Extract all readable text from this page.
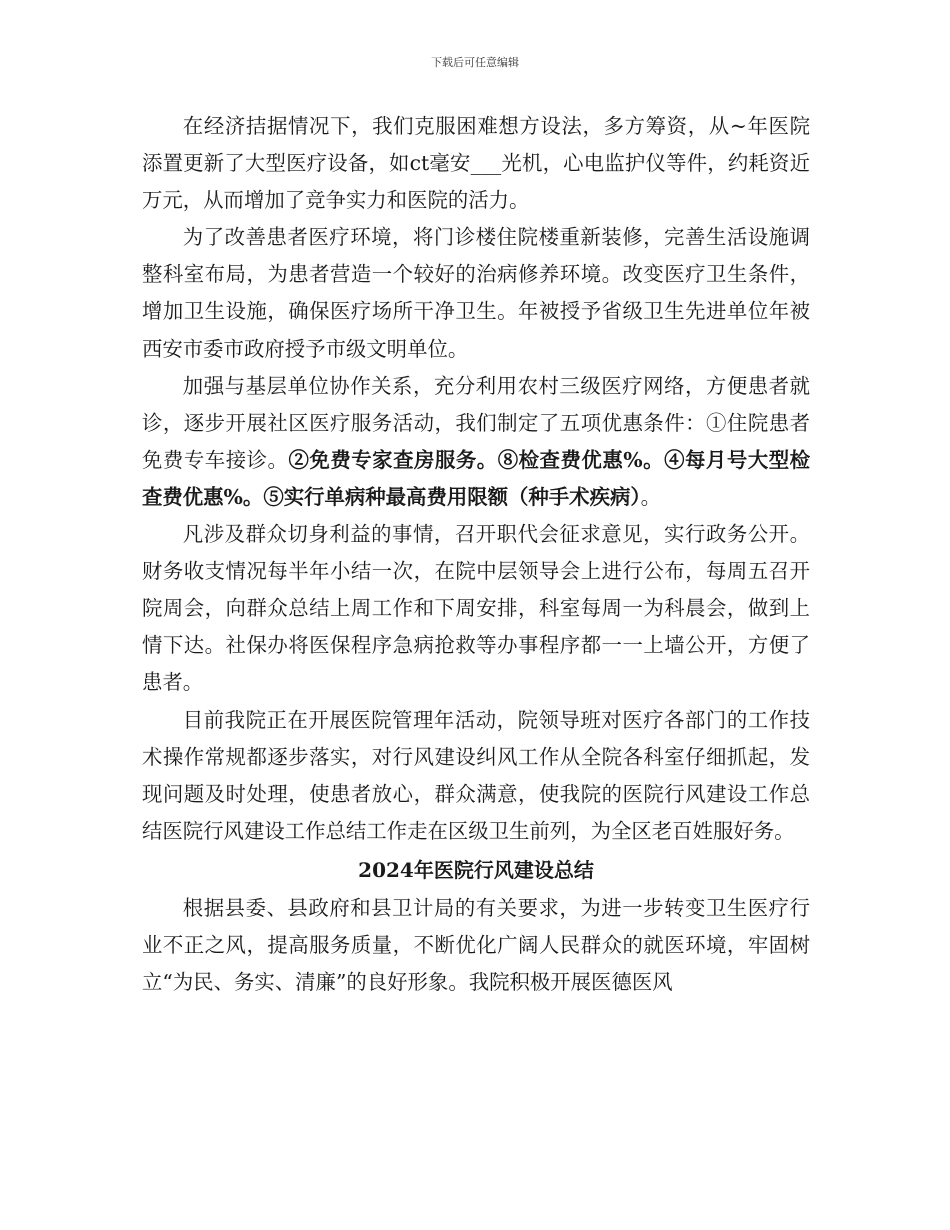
下载后可任意编辑

在经济拮据情况下，我们克服困难想方设法，多方筹资，从~年医院添置更新了大型医疗设备，如ct毫安___光机，心电监护仪等件，约耗资近万元，从而增加了竞争实力和医院的活力。

为了改善患者医疗环境，将门诊楼住院楼重新装修，完善生活设施调整科室布局，为患者营造一个较好的治病修养环境。改变医疗卫生条件，增加卫生设施，确保医疗场所干净卫生。年被授予省级卫生先进单位年被西安市委市政府授予市级文明单位。

加强与基层单位协作关系，充分利用农村三级医疗网络，方便患者就诊，逐步开展社区医疗服务活动，我们制定了五项优惠条件：①住院患者免费专车接诊。②免费专家查房服务。⑧检查费优惠%。④每月号大型检查费优惠%。⑤实行单病种最高费用限额（种手术疾病）。

凡涉及群众切身利益的事情，召开职代会征求意见，实行政务公开。财务收支情况每半年小结一次，在院中层领导会上进行公布，每周五召开院周会，向群众总结上周工作和下周安排，科室每周一为科晨会，做到上情下达。社保办将医保程序急病抢救等办事程序都一一上墙公开，方便了患者。

目前我院正在开展医院管理年活动，院领导班对医疗各部门的工作技术操作常规都逐步落实，对行风建设纠风工作从全院各科室仔细抓起，发现问题及时处理，使患者放心，群众满意，使我院的医院行风建设工作总结医院行风建设工作总结工作走在区级卫生前列，为全区老百姓服好务。

2024年医院行风建设总结

根据县委、县政府和县卫计局的有关要求，为进一步转变卫生医疗行业不正之风，提高服务质量，不断优化广阔人民群众的就医环境，牢固树立“为民、务实、清廉”的良好形象。我院积极开展医德医风
